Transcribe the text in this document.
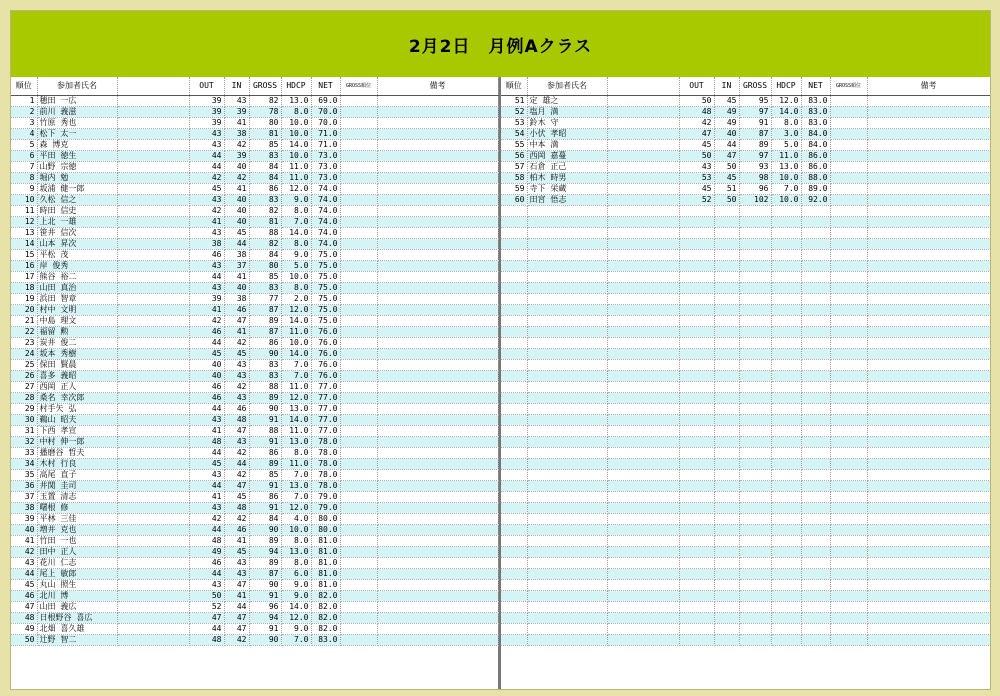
2月2日　月例Aクラス
順位	参加者氏名		OUT	IN	GROSS	HDCP	NET	GROSS順位	備考
1	穂田 一広		39	43	82	13.0	69.0		
2	前川 義滋		39	39	78	8.0	70.0		
3	竹原 秀也		39	41	80	10.0	70.0		
4	松下 太一		43	38	81	10.0	71.0		
5	森 博克		43	42	85	14.0	71.0		
6	平田 徳生		44	39	83	10.0	73.0		
7	山野 宗徳		44	40	84	11.0	73.0		
8	堀内 勉		42	42	84	11.0	73.0		
9	坂浦 健一郎		45	41	86	12.0	74.0		
10	久松 信之		43	40	83	9.0	74.0		
11	時田 信史		42	40	82	8.0	74.0		
12	上北 一雄		41	40	81	7.0	74.0		
13	笹井 信次		43	45	88	14.0	74.0		
14	山本 昇次		38	44	82	8.0	74.0		
15	平松 茂		46	38	84	9.0	75.0		
16	岸 俊秀		43	37	80	5.0	75.0		
17	熊谷 裕二		44	41	85	10.0	75.0		
18	山田 真治		43	40	83	8.0	75.0		
19	浜田 智章		39	38	77	2.0	75.0		
20	村中 文明		41	46	87	12.0	75.0		
21	中島 理文		42	47	89	14.0	75.0		
22	福留 勲		46	41	87	11.0	76.0		
23	炭井 俊二		44	42	86	10.0	76.0		
24	坂本 秀樹		45	45	90	14.0	76.0		
25	保田 賢晨		40	43	83	7.0	76.0		
26	喜多 義昭		40	43	83	7.0	76.0		
27	西岡 正人		46	42	88	11.0	77.0		
28	桑名 幸次郎		46	43	89	12.0	77.0		
29	村手矢 弘		44	46	90	13.0	77.0		
30	鵜山 昭夫		43	48	91	14.0	77.0		
31	下西 孝宣		41	47	88	11.0	77.0		
32	中村 伸一郎		48	43	91	13.0	78.0		
33	播磨谷 哲夫		44	42	86	8.0	78.0		
34	木村 行良		45	44	89	11.0	78.0		
35	高尾 直子		43	42	85	7.0	78.0		
36	井関 圭司		44	47	91	13.0	78.0		
37	玉置 清志		41	45	86	7.0	79.0		
38	曙根 修		43	48	91	12.0	79.0		
39	平林 三佳		42	42	84	4.0	80.0		
40	増井 克也		44	46	90	10.0	80.0		
41	竹田 一也		48	41	89	8.0	81.0		
42	田中 正人		49	45	94	13.0	81.0		
43	花川 仁志		46	43	89	8.0	81.0		
44	尾上 敏郎		44	43	87	6.0	81.0		
45	丸山 照生		43	47	90	9.0	81.0		
46	北川 博		50	41	91	9.0	82.0		
47	山田 義広		52	44	96	14.0	82.0		
48	日根野谷 喜広		47	47	94	12.0	82.0		
49	北畑 喜久雄		44	47	91	9.0	82.0		
50	辻野 智二		48	42	90	7.0	83.0		
順位	参加者氏名		OUT	IN	GROSS	HDCP	NET	GROSS順位	備考
51	定 雄之		50	45	95	12.0	83.0		
52	塩月 満		48	49	97	14.0	83.0		
53	鈴木 守		42	49	91	8.0	83.0		
54	小伏 孝昭		47	40	87	3.0	84.0		
55	中本 満		45	44	89	5.0	84.0		
56	西岡 嘉蔓		50	47	97	11.0	86.0		
57	石倉 正己		43	50	93	13.0	86.0		
58	柏木 時男		53	45	98	10.0	88.0		
59	寺下 栄蔵		45	51	96	7.0	89.0		
60	田宮 悟志		52	50	102	10.0	92.0		
